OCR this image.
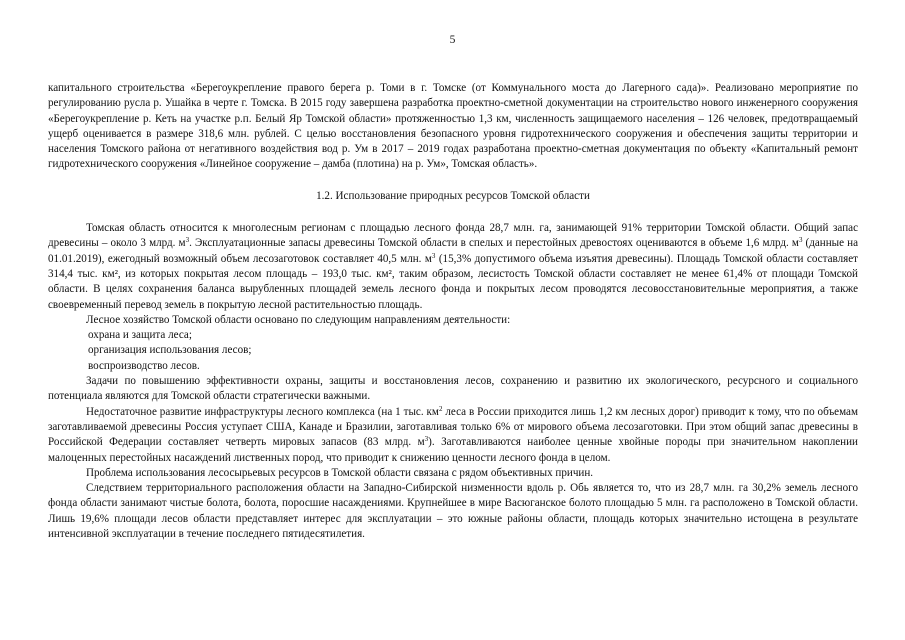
5

капитального строительства «Берегоукрепление правого берега р. Томи в г. Томске (от Коммунального моста до Лагерного сада)». Реализовано мероприятие по регулированию русла р. Ушайка в черте г. Томска. В 2015 году завершена разработка проектно-сметной документации на строительство нового инженерного сооружения «Берегоукрепление р. Кеть на участке р.п. Белый Яр Томской области» протяженностью 1,3 км, численность защищаемого населения – 126 человек, предотвращаемый ущерб оценивается в размере 318,6 млн. рублей. С целью восстановления безопасного уровня гидротехнического сооружения и обеспечения защиты территории и населения Томского района от негативного воздействия вод р. Ум в 2017 – 2019 годах разработана проектно-сметная документация по объекту «Капитальный ремонт гидротехнического сооружения «Линейное сооружение – дамба (плотина) на р. Ум», Томская область».

1.2. Использование природных ресурсов Томской области

Томская область относится к многолесным регионам с площадью лесного фонда 28,7 млн. га, занимающей 91% территории Томской области. Общий запас древесины – около 3 млрд. $м^3$. Эксплуатационные запасы древесины Томской области в спелых и перестойных древостоях оцениваются в объеме 1,6 млрд. $м^3$ (данные на 01.01.2019), ежегодный возможный объем лесозаготовок составляет 40,5 млн. $м^3$ (15,3% допустимого объема изъятия древесины). Площадь Томской области составляет 314,4 тыс. км², из которых покрытая лесом площадь – 193,0 тыс. км², таким образом, лесистость Томской области составляет не менее 61,4% от площади Томской области. В целях сохранения баланса вырубленных площадей земель лесного фонда и покрытых лесом проводятся лесовосстановительные мероприятия, а также своевременный перевод земель в покрытую лесной растительностью площадь.

Лесное хозяйство Томской области основано по следующим направлениям деятельности:

охрана и защита леса;
организация использования лесов;
воспроизводство лесов.

Задачи по повышению эффективности охраны, защиты и восстановления лесов, сохранению и развитию их экологического, ресурсного и социального потенциала являются для Томской области стратегически важными.

Недостаточное развитие инфраструктуры лесного комплекса (на 1 тыс. $км^2$ леса в России приходится лишь 1,2 км лесных дорог) приводит к тому, что по объемам заготавливаемой древесины Россия уступает США, Канаде и Бразилии, заготавливая только 6% от мирового объема лесозаготовки. При этом общий запас древесины в Российской Федерации составляет четверть мировых запасов (83 млрд. $м^3$). Заготавливаются наиболее ценные хвойные породы при значительном накоплении малоценных перестойных насаждений лиственных пород, что приводит к снижению ценности лесного фонда в целом.

Проблема использования лесосырьевых ресурсов в Томской области связана с рядом объективных причин.

Следствием территориального расположения области на Западно-Сибирской низменности вдоль р. Обь является то, что из 28,7 млн. га 30,2% земель лесного фонда области занимают чистые болота, болота, поросшие насаждениями. Крупнейшее в мире Васюганское болото площадью 5 млн. га расположено в Томской области. Лишь 19,6% площади лесов области представляет интерес для эксплуатации – это южные районы области, площадь которых значительно истощена в результате интенсивной эксплуатации в течение последнего пятидесятилетия.
